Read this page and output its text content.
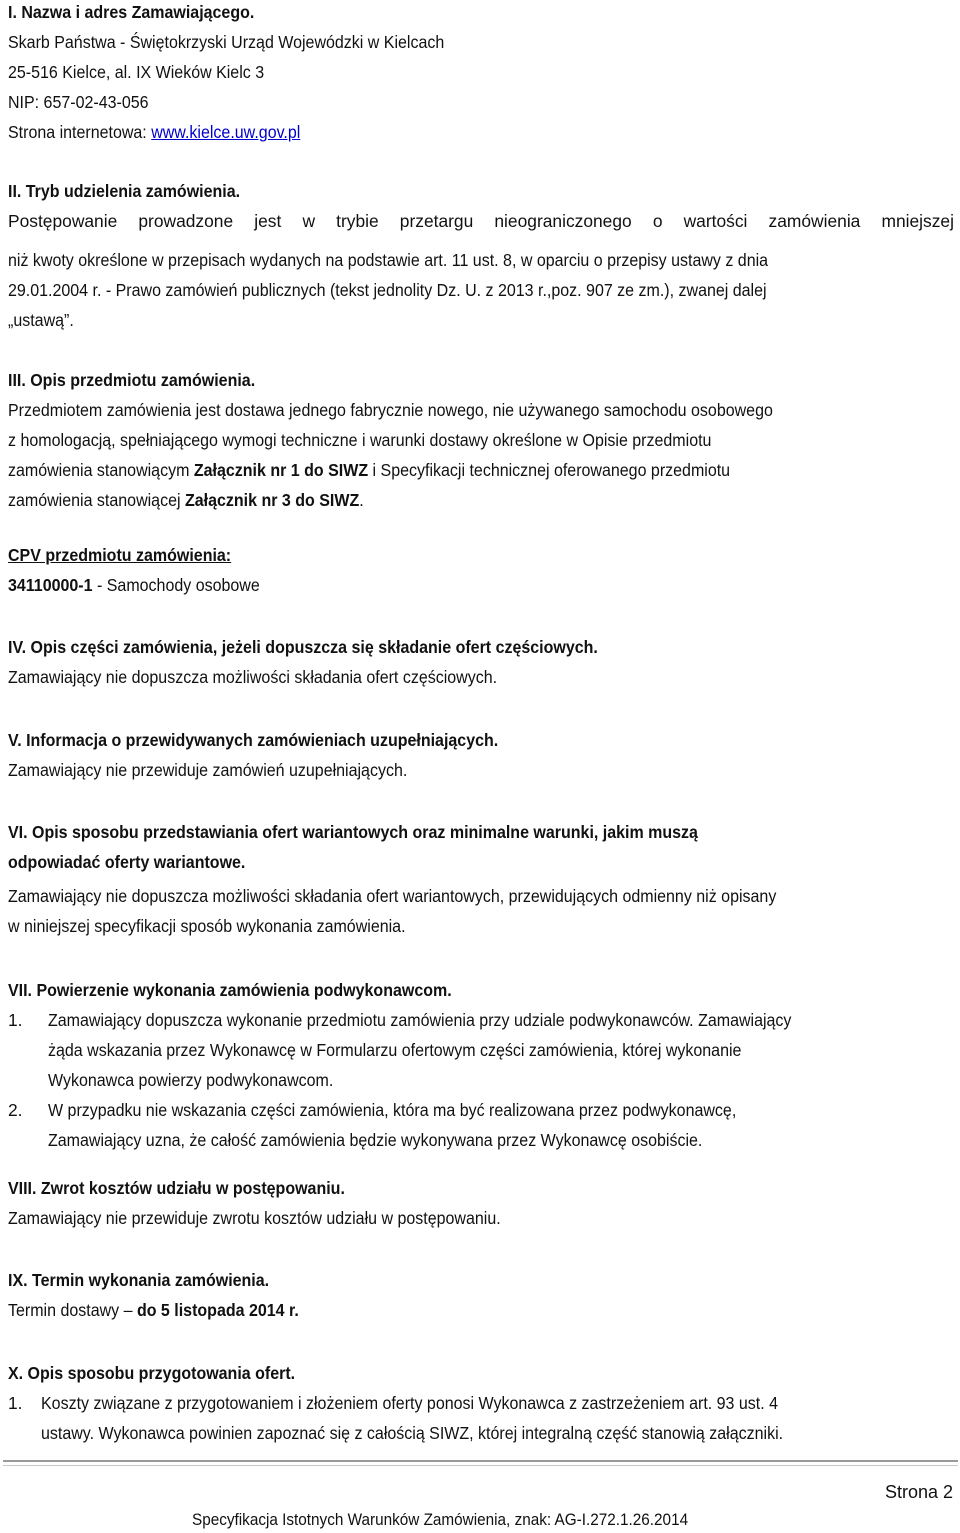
I. Nazwa i adres Zamawiającego.
Skarb Państwa - Świętokrzyski Urząd Wojewódzki w Kielcach
25-516 Kielce, al. IX Wieków Kielc 3
NIP: 657-02-43-056
Strona internetowa: www.kielce.uw.gov.pl
II. Tryb udzielenia zamówienia.
Postępowanie prowadzone jest w trybie przetargu nieograniczonego o wartości zamówienia mniejszej
niż kwoty określone w przepisach wydanych na podstawie art. 11 ust. 8, w oparciu o przepisy ustawy z dnia
29.01.2004 r. - Prawo zamówień publicznych (tekst jednolity Dz. U. z 2013 r.,poz. 907 ze zm.), zwanej dalej
„ustawą”.
III. Opis przedmiotu zamówienia.
Przedmiotem zamówienia jest dostawa jednego fabrycznie nowego, nie używanego samochodu osobowego
z homologacją, spełniającego wymogi techniczne i warunki dostawy określone w Opisie przedmiotu
zamówienia stanowiącym Załącznik nr 1 do SIWZ i Specyfikacji technicznej oferowanego przedmiotu
zamówienia stanowiącej Załącznik nr 3 do SIWZ.
CPV przedmiotu zamówienia:
34110000-1 - Samochody osobowe
IV. Opis części zamówienia, jeżeli dopuszcza się składanie ofert częściowych.
Zamawiający nie dopuszcza możliwości składania ofert częściowych.
V. Informacja o przewidywanych zamówieniach uzupełniających.
Zamawiający nie przewiduje zamówień uzupełniających.
VI. Opis sposobu przedstawiania ofert wariantowych oraz minimalne warunki, jakim muszą
odpowiadać oferty wariantowe.
Zamawiający nie dopuszcza możliwości składania ofert wariantowych, przewidujących odmienny niż opisany
w niniejszej specyfikacji sposób wykonania zamówienia.
VII. Powierzenie wykonania zamówienia podwykonawcom.
1. Zamawiający dopuszcza wykonanie przedmiotu zamówienia przy udziale podwykonawców. Zamawiający
żąda wskazania przez Wykonawcę w Formularzu ofertowym części zamówienia, której wykonanie
Wykonawca powierzy podwykonawcom.
2. W przypadku nie wskazania części zamówienia, która ma być realizowana przez podwykonawcę,
Zamawiający uzna, że całość zamówienia będzie wykonywana przez Wykonawcę osobiście.
VIII. Zwrot kosztów udziału w postępowaniu.
Zamawiający nie przewiduje zwrotu kosztów udziału w postępowaniu.
IX. Termin wykonania zamówienia.
Termin dostawy – do 5 listopada 2014 r.
X. Opis sposobu przygotowania ofert.
1. Koszty związane z przygotowaniem i złożeniem oferty ponosi Wykonawca z zastrzeżeniem art. 93 ust. 4
ustawy. Wykonawca powinien zapoznać się z całością SIWZ, której integralną część stanowią załączniki.
Strona 2
Specyfikacja Istotnych Warunków Zamówienia, znak: AG-I.272.1.26.2014
